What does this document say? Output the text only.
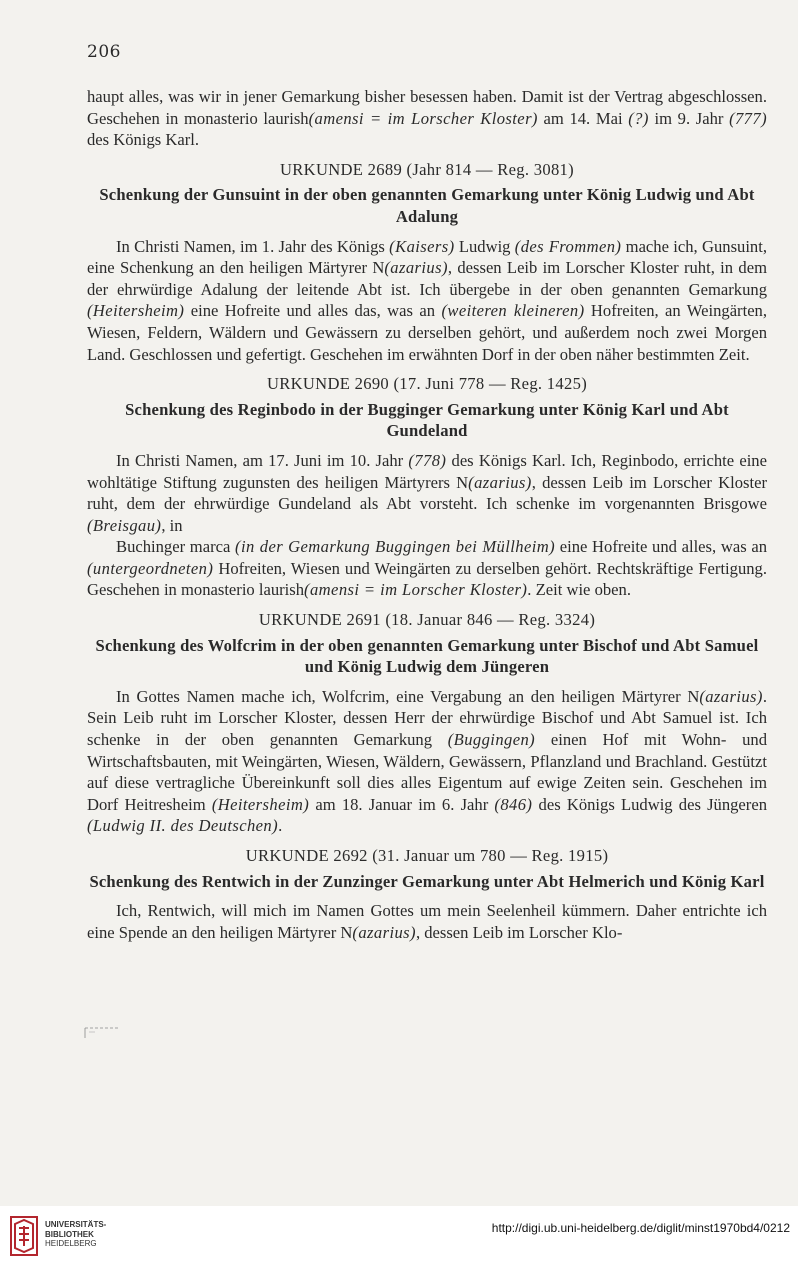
206

haupt alles, was wir in jener Gemarkung bisher besessen haben. Damit ist der Vertrag abgeschlossen. Geschehen in monasterio laurish(amensi = im Lorscher Kloster) am 14. Mai (?) im 9. Jahr (777) des Königs Karl.

URKUNDE 2689 (Jahr 814 — Reg. 3081)
Schenkung der Gunsuint in der oben genannten Gemarkung unter König Ludwig und Abt Adalung

In Christi Namen, im 1. Jahr des Königs (Kaisers) Ludwig (des Frommen) mache ich, Gunsuint, eine Schenkung an den heiligen Märtyrer N(azarius), dessen Leib im Lorscher Kloster ruht, in dem der ehrwürdige Adalung der leitende Abt ist. Ich übergebe in der oben genannten Gemarkung (Heitersheim) eine Hofreite und alles das, was an (weiteren kleineren) Hofreiten, an Weingärten, Wiesen, Feldern, Wäldern und Gewässern zu derselben gehört, und außerdem noch zwei Morgen Land. Geschlossen und gefertigt. Geschehen im erwähnten Dorf in der oben näher bestimmten Zeit.

URKUNDE 2690 (17. Juni 778 — Reg. 1425)
Schenkung des Reginbodo in der Bugginger Gemarkung unter König Karl und Abt Gundeland

In Christi Namen, am 17. Juni im 10. Jahr (778) des Königs Karl. Ich, Reginbodo, errichte eine wohltätige Stiftung zugunsten des heiligen Märtyrers N(azarius), dessen Leib im Lorscher Kloster ruht, dem der ehrwürdige Gundeland als Abt vorsteht. Ich schenke im vorgenannten Brisgowe (Breisgau), in

Buchinger marca (in der Gemarkung Buggingen bei Müllheim) eine Hofreite und alles, was an (untergeordneten) Hofreiten, Wiesen und Weingärten zu derselben gehört. Rechtskräftige Fertigung. Geschehen in monasterio laurish(amensi = im Lorscher Kloster). Zeit wie oben.

URKUNDE 2691 (18. Januar 846 — Reg. 3324)
Schenkung des Wolfcrim in der oben genannten Gemarkung unter Bischof und Abt Samuel und König Ludwig dem Jüngeren

In Gottes Namen mache ich, Wolfcrim, eine Vergabung an den heiligen Märtyrer N(azarius). Sein Leib ruht im Lorscher Kloster, dessen Herr der ehrwürdige Bischof und Abt Samuel ist. Ich schenke in der oben genannten Gemarkung (Buggingen) einen Hof mit Wohn- und Wirtschaftsbauten, mit Weingärten, Wiesen, Wäldern, Gewässern, Pflanzland und Brachland. Gestützt auf diese vertragliche Übereinkunft soll dies alles Eigentum auf ewige Zeiten sein. Geschehen im Dorf Heitresheim (Heitersheim) am 18. Januar im 6. Jahr (846) des Königs Ludwig des Jüngeren (Ludwig II. des Deutschen).

URKUNDE 2692 (31. Januar um 780 — Reg. 1915)
Schenkung des Rentwich in der Zunzinger Gemarkung unter Abt Helmerich und König Karl

Ich, Rentwich, will mich im Namen Gottes um mein Seelenheil kümmern. Daher entrichte ich eine Spende an den heiligen Märtyrer N(azarius), dessen Leib im Lorscher Klo-

UNIVERSITÄTS-
BIBLIOTHEK
HEIDELBERG
http://digi.ub.uni-heidelberg.de/diglit/minst1970bd4/0212
